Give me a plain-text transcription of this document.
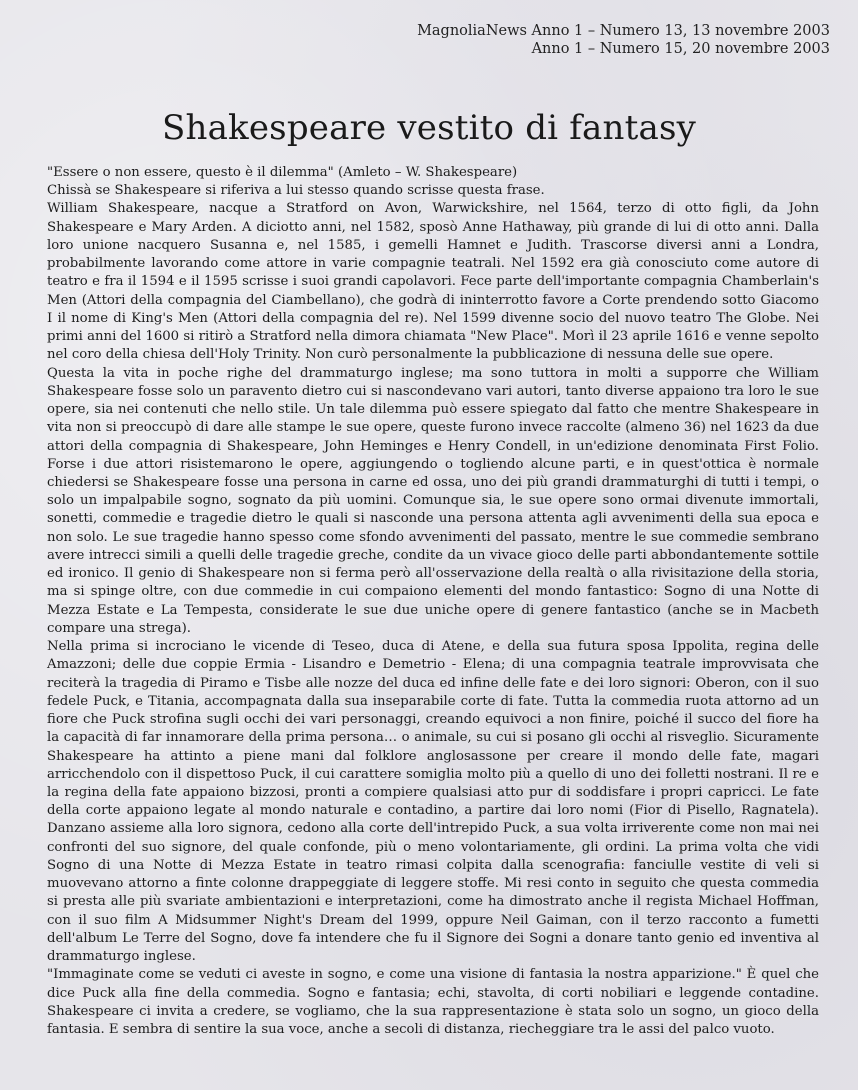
MagnoliaNews Anno 1 – Numero 13, 13 novembre 2003
Anno 1 – Numero 15, 20 novembre 2003
Shakespeare vestito di fantasy

"Essere o non essere, questo è il dilemma" (Amleto – W. Shakespeare)

Chissà se Shakespeare si riferiva a lui stesso quando scrisse questa frase.

William Shakespeare, nacque a Stratford on Avon, Warwickshire, nel 1564, terzo di otto figli, da John Shakespeare e Mary Arden. A diciotto anni, nel 1582, sposò Anne Hathaway, più grande di lui di otto anni. Dalla loro unione nacquero Susanna e, nel 1585, i gemelli Hamnet e Judith. Trascorse diversi anni a Londra, probabilmente lavorando come attore in varie compagnie teatrali. Nel 1592 era già conosciuto come autore di teatro e fra il 1594 e il 1595 scrisse i suoi grandi capolavori. Fece parte dell'importante compagnia Chamberlain's Men (Attori della compagnia del Ciambellano), che godrà di ininterrotto favore a Corte prendendo sotto Giacomo I il nome di King's Men (Attori della compagnia del re). Nel 1599 divenne socio del nuovo teatro The Globe. Nei primi anni del 1600 si ritirò a Stratford nella dimora chiamata "New Place". Morì il 23 aprile 1616 e venne sepolto nel coro della chiesa dell'Holy Trinity. Non curò personalmente la pubblicazione di nessuna delle sue opere.

Questa la vita in poche righe del drammaturgo inglese; ma sono tuttora in molti a supporre che William Shakespeare fosse solo un paravento dietro cui si nascondevano vari autori, tanto diverse appaiono tra loro le sue opere, sia nei contenuti che nello stile. Un tale dilemma può essere spiegato dal fatto che mentre Shakespeare in vita non si preoccupò di dare alle stampe le sue opere, queste furono invece raccolte (almeno 36) nel 1623 da due attori della compagnia di Shakespeare, John Heminges e Henry Condell, in un'edizione denominata First Folio. Forse i due attori risistemarono le opere, aggiungendo o togliendo alcune parti, e in quest'ottica è normale chiedersi se Shakespeare fosse una persona in carne ed ossa, uno dei più grandi drammaturghi di tutti i tempi, o solo un impalpabile sogno, sognato da più uomini. Comunque sia, le sue opere sono ormai divenute immortali, sonetti, commedie e tragedie dietro le quali si nasconde una persona attenta agli avvenimenti della sua epoca e non solo. Le sue tragedie hanno spesso come sfondo avvenimenti del passato, mentre le sue commedie sembrano avere intrecci simili a quelli delle tragedie greche, condite da un vivace gioco delle parti abbondantemente sottile ed ironico. Il genio di Shakespeare non si ferma però all'osservazione della realtà o alla rivisitazione della storia, ma si spinge oltre, con due commedie in cui compaiono elementi del mondo fantastico: Sogno di una Notte di Mezza Estate e La Tempesta, considerate le sue due uniche opere di genere fantastico (anche se in Macbeth compare una strega).

Nella prima si incrociano le vicende di Teseo, duca di Atene, e della sua futura sposa Ippolita, regina delle Amazzoni; delle due coppie Ermia - Lisandro e Demetrio - Elena; di una compagnia teatrale improvvisata che reciterà la tragedia di Piramo e Tisbe alle nozze del duca ed infine delle fate e dei loro signori: Oberon, con il suo fedele Puck, e Titania, accompagnata dalla sua inseparabile corte di fate. Tutta la commedia ruota attorno ad un fiore che Puck strofina sugli occhi dei vari personaggi, creando equivoci a non finire, poiché il succo del fiore ha la capacità di far innamorare della prima persona… o animale, su cui si posano gli occhi al risveglio. Sicuramente Shakespeare ha attinto a piene mani dal folklore anglosassone per creare il mondo delle fate, magari arricchendolo con il dispettoso Puck, il cui carattere somiglia molto più a quello di uno dei folletti nostrani. Il re e la regina della fate appaiono bizzosi, pronti a compiere qualsiasi atto pur di soddisfare i propri capricci. Le fate della corte appaiono legate al mondo naturale e contadino, a partire dai loro nomi (Fior di Pisello, Ragnatela). Danzano assieme alla loro signora, cedono alla corte dell'intrepido Puck, a sua volta irriverente come non mai nei confronti del suo signore, del quale confonde, più o meno volontariamente, gli ordini. La prima volta che vidi Sogno di una Notte di Mezza Estate in teatro rimasi colpita dalla scenografia: fanciulle vestite di veli si muovevano attorno a finte colonne drappeggiate di leggere stoffe. Mi resi conto in seguito che questa commedia si presta alle più svariate ambientazioni e interpretazioni, come ha dimostrato anche il regista Michael Hoffman, con il suo film A Midsummer Night's Dream del 1999, oppure Neil Gaiman, con il terzo racconto a fumetti dell'album Le Terre del Sogno, dove fa intendere che fu il Signore dei Sogni a donare tanto genio ed inventiva al drammaturgo inglese.

"Immaginate come se veduti ci aveste in sogno, e come una visione di fantasia la nostra apparizione." È quel che dice Puck alla fine della commedia. Sogno e fantasia; echi, stavolta, di corti nobiliari e leggende contadine. Shakespeare ci invita a credere, se vogliamo, che la sua rappresentazione è stata solo un sogno, un gioco della fantasia. E sembra di sentire la sua voce, anche a secoli di distanza, riecheggiare tra le assi del palco vuoto.
